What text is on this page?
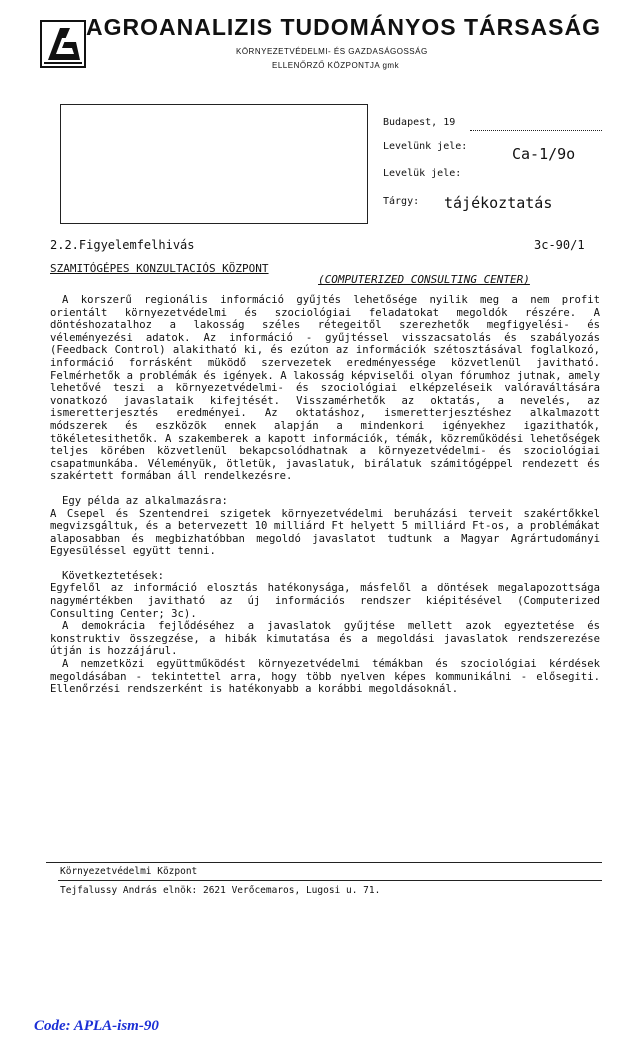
AGROANALIZIS TUDOMÁNYOS TÁRSASÁG
KÖRNYEZETVÉDELMI- ÉS GAZDASÁGOSSÁG
ELLENŐRZŐ KÖZPONTJA gmk
Budapest, 19
Levelünk jele:	Ca-1/9o
Levelük jele:
Tárgy: tájékoztatás
2.2.Figyelemfelhivás	3c-90/1
SZAMITÓGÉPES KONZULTACIÓS KÖZPONT
(COMPUTERIZED CONSULTING CENTER)

A korszerű regionális információ gyűjtés lehetősége nyilik meg a nem profit orientált környezetvédelmi és szociológiai feladatokat megoldók részére. A döntéshozatalhoz a lakosság széles rétegeitől szerezhetők megfigyelési- és véleményezési adatok. Az információ - gyűjtéssel visszacsatolás és szabályozás (Feedback Control) alakitható ki, és ezúton az információk szétosztásával foglalkozó, információ forrásként müködő szervezetek eredményessége közvetlenül javitható. Felmérhetők a problémák és igények. A lakosság képviselői olyan fórumhoz jutnak, amely lehetővé teszi a környezetvédelmi- és szociológiai elképzeléseik valóraváltására vonatkozó javaslataik kifejtését. Visszamérhetők az oktatás, a nevelés, az ismeretterjesztés eredményei. Az oktatáshoz, ismeretterjesztéshez alkalmazott módszerek és eszközök ennek alapján a mindenkori igényekhez igazithatók, tökéletesithetők. A szakemberek a kapott információk, témák, közreműködési lehetőségek teljes körében közvetlenül bekapcsolódhatnak a környezetvédelmi- és szociológiai csapatmunkába. Véleményük, ötletük, javaslatuk, birálatuk számitógéppel rendezett és szakértett formában áll rendelkezésre.

Egy példa az alkalmazásra:

A Csepel és Szentendrei szigetek környezetvédelmi beruházási terveit szakértőkkel megvizsgáltuk, és a betervezett 10 milliárd Ft helyett 5 milliárd Ft-os, a problémákat alaposabban és megbizhatóbban megoldó javaslatot tudtunk a Magyar Agrártudományi Egyesüléssel együtt tenni.

Következtetések:

Egyfelől az információ elosztás hatékonysága, másfelől a döntések megalapozottsága nagymértékben javitható az új információs rendszer kiépitésével (Computerized Consulting Center; 3c).

A demokrácia fejlődéséhez a javaslatok gyűjtése mellett azok egyeztetése és konstruktiv összegzése, a hibák kimutatása és a megoldási javaslatok rendszerezése útján is hozzájárul.

A nemzetközi együttműködést környezetvédelmi témákban és szociológiai kérdések megoldásában - tekintettel arra, hogy több nyelven képes kommunikálni - elősegiti. Ellenőrzési rendszerként is hatékonyabb a korábbi megoldásoknál.

Környezetvédelmi Központ
Tejfalussy András elnök: 2621 Verőcemaros, Lugosi u. 71.
Code: APLA-ism-90
